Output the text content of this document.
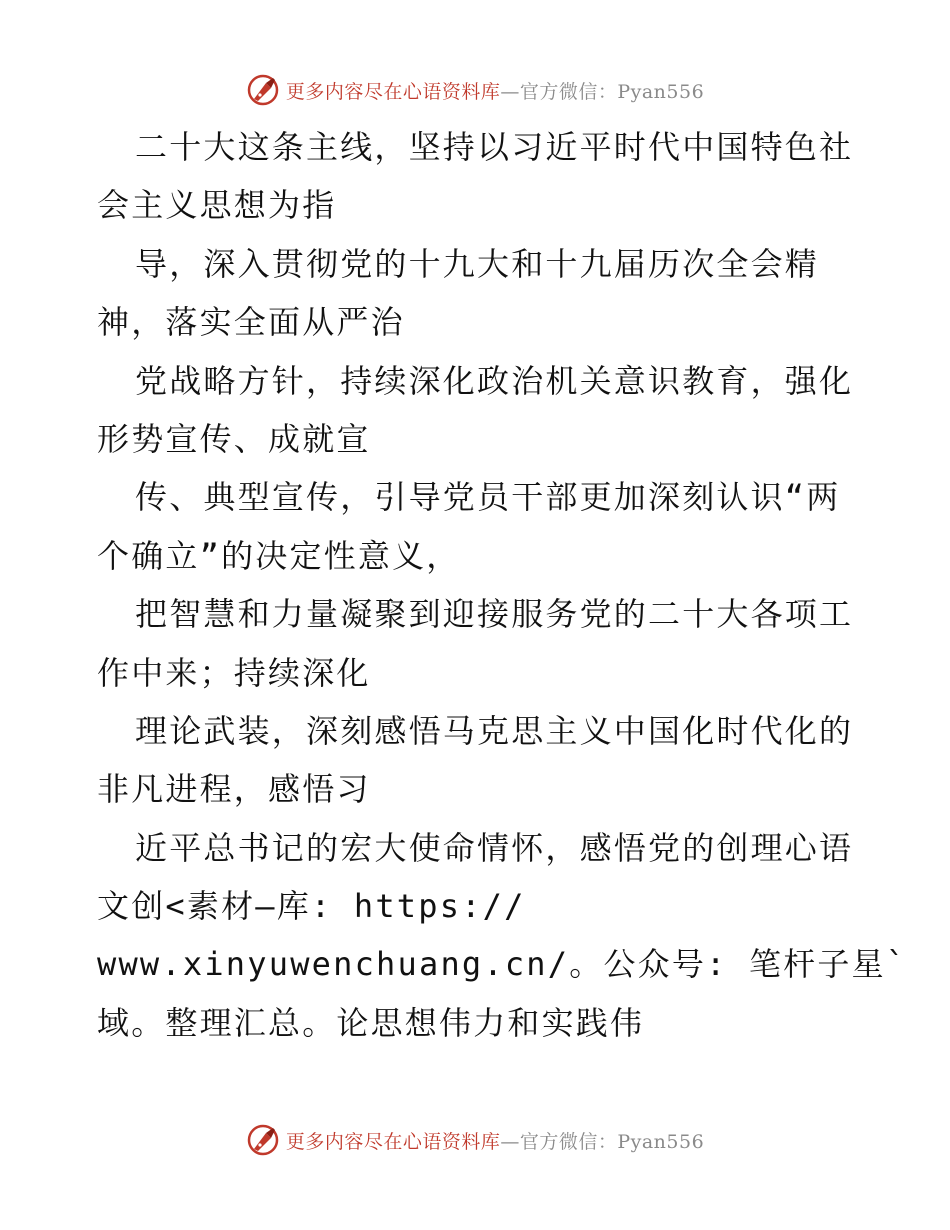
更多内容尽在心语资料库—官方微信：Pyan556
二十大这条主线，坚持以习近平时代中国特色社
会主义思想为指
导，深入贯彻党的十九大和十九届历次全会精
神，落实全面从严治
党战略方针，持续深化政治机关意识教育，强化
形势宣传、成就宣
传、典型宣传，引导党员干部更加深刻认识“两
个确立”的决定性意义，
把智慧和力量凝聚到迎接服务党的二十大各项工
作中来；持续深化
理论武装，深刻感悟马克思主义中国化时代化的
非凡进程，感悟习
近平总书记的宏大使命情怀，感悟党的创理心语
文创<素材—库: https://
www.xinyuwenchuang.cn/。公众号: 笔杆子星`
域。整理汇总。论思想伟力和实践伟
更多内容尽在心语资料库—官方微信：Pyan556
